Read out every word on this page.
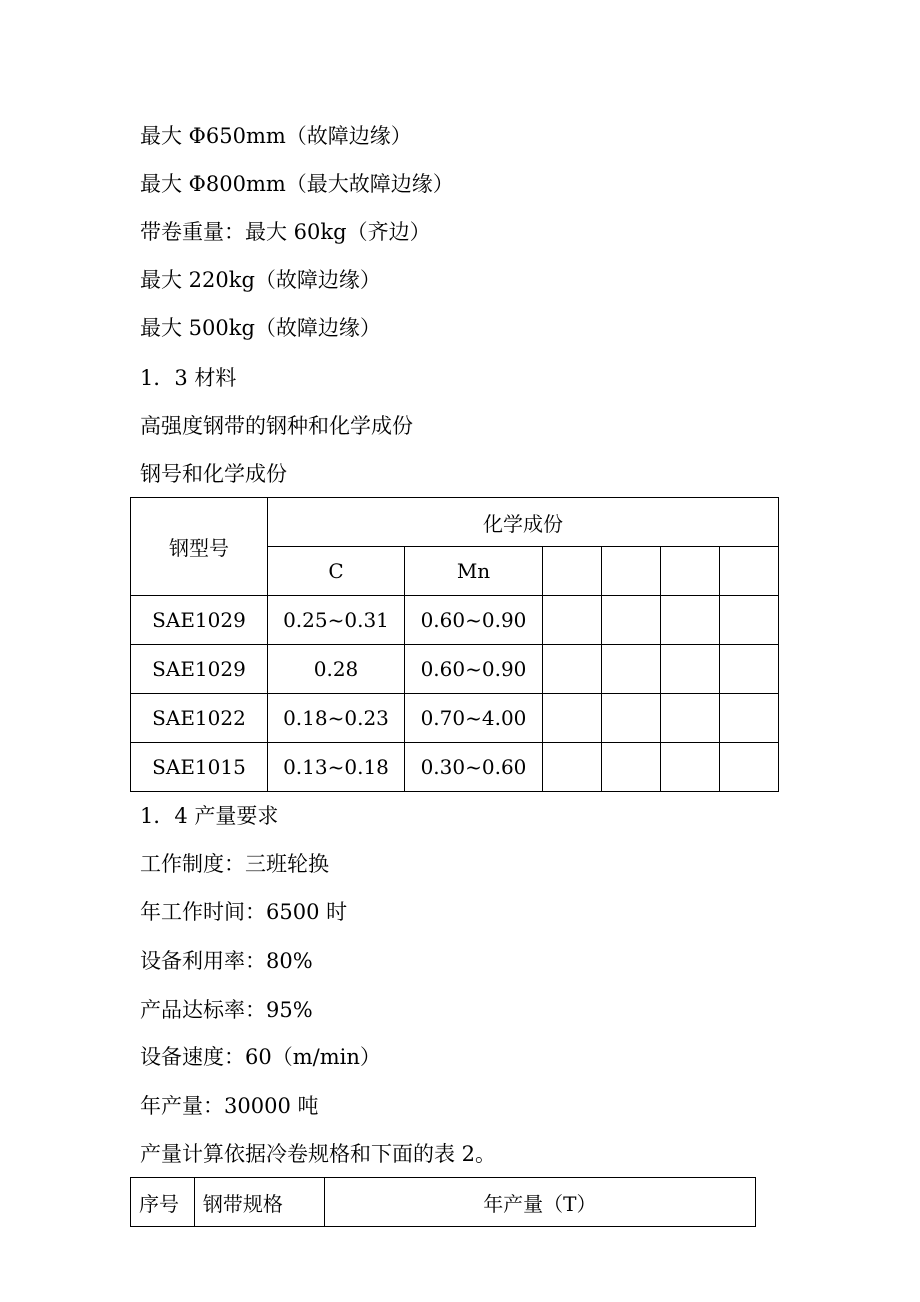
最大 Φ650mm（故障边缘）
最大 Φ800mm（最大故障边缘）
带卷重量：最大 60kg（齐边）
最大 220kg（故障边缘）
最大 500kg（故障边缘）
1．3 材料
高强度钢带的钢种和化学成份
钢号和化学成份
钢型号	化学成份					
	C	Mn				
SAE1029	0.25~0.31	0.60~0.90				
SAE1029	0.28	0.60~0.90				
SAE1022	0.18~0.23	0.70~4.00				
SAE1015	0.13~0.18	0.30~0.60				
1．4 产量要求
工作制度：三班轮换
年工作时间：6500 时
设备利用率：80%
产品达标率：95%
设备速度：60（m/min）
年产量：30000 吨
产量计算依据冷卷规格和下面的表 2。
序号	钢带规格	年产量（T）
